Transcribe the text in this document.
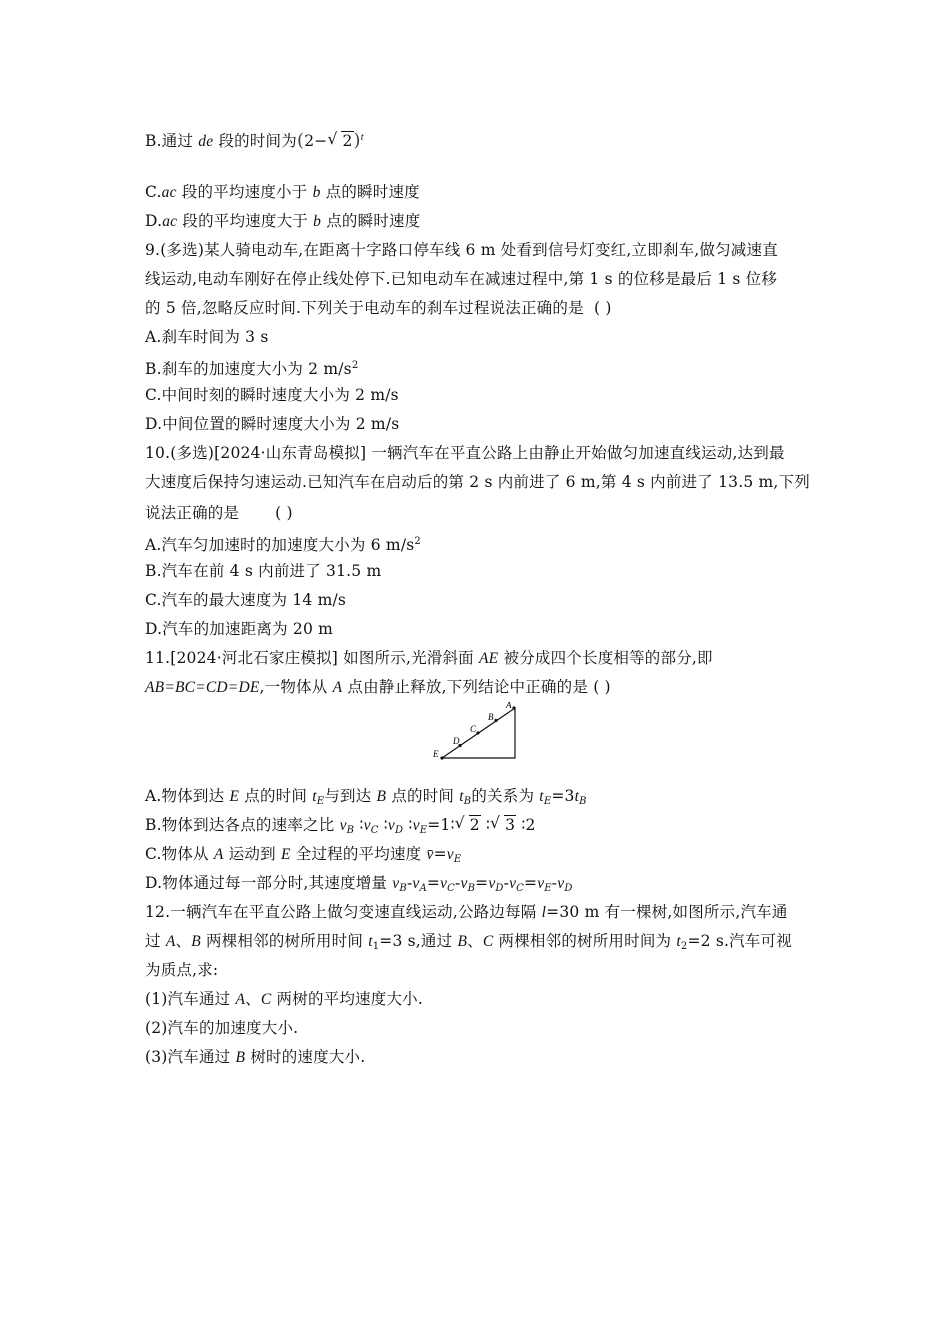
B.通过 de 段的时间为(2− √ 2)$^t$
C.ac 段的平均速度小于 b 点的瞬时速度
D.ac 段的平均速度大于 b 点的瞬时速度
9.(多选)某人骑电动车,在距离十字路口停车线 6 m 处看到信号灯变红,立即刹车,做匀减速直
线运动,电动车刚好在停止线处停下.已知电动车在减速过程中,第 1 s 的位移是最后 1 s 位移
的 5 倍,忽略反应时间.下列关于电动车的刹车过程说法正确的是 ( )
A.刹车时间为 3 s
B.刹车的加速度大小为 2 $m/s^2$
C.中间时刻的瞬时速度大小为 2 m/s
D.中间位置的瞬时速度大小为 2 m/s
10.(多选)[2024·山东青岛模拟] 一辆汽车在平直公路上由静止开始做匀加速直线运动,达到最
大速度后保持匀速运动.已知汽车在启动后的第 2 s 内前进了 6 m,第 4 s 内前进了 13.5 m,下列
说法正确的是 ( )
A.汽车匀加速时的加速度大小为 6 $m/s^2$
B.汽车在前 4 s 内前进了 31.5 m
C.汽车的最大速度为 14 m/s
D.汽车的加速距离为 20 m
11.[2024·河北石家庄模拟] 如图所示,光滑斜面 AE 被分成四个长度相等的部分,即
AB=BC=CD=DE,一物体从 A 点由静止释放,下列结论中正确的是 ( )
A
B
C
D
E
A.物体到达 E 点的时间 $t_E$与到达 B 点的时间 $t_B$的关系为 $t_E=3t_B$
B.物体到达各点的速率之比 $v_B$ $∶v_C$ $∶v_D$ $∶v_E=1∶$ √ 2 ∶ √ 3 ∶2
C.物体从 A 运动到 E 全过程的平均速度 $v̄=v_E$
D.物体通过每一部分时,其速度增量 $v_B-v_A=v_C-v_B=v_D-v_C=v_E-v_D$
12.一辆汽车在平直公路上做匀变速直线运动,公路边每隔 l=30 m 有一棵树,如图所示,汽车通
过 A、B 两棵相邻的树所用时间 $t_1=3$ s,通过 B、C 两棵相邻的树所用时间为 $t_2=2$ s.汽车可视
为质点,求:
(1)汽车通过 A、C 两树的平均速度大小.
(2)汽车的加速度大小.
(3)汽车通过 B 树时的速度大小.
